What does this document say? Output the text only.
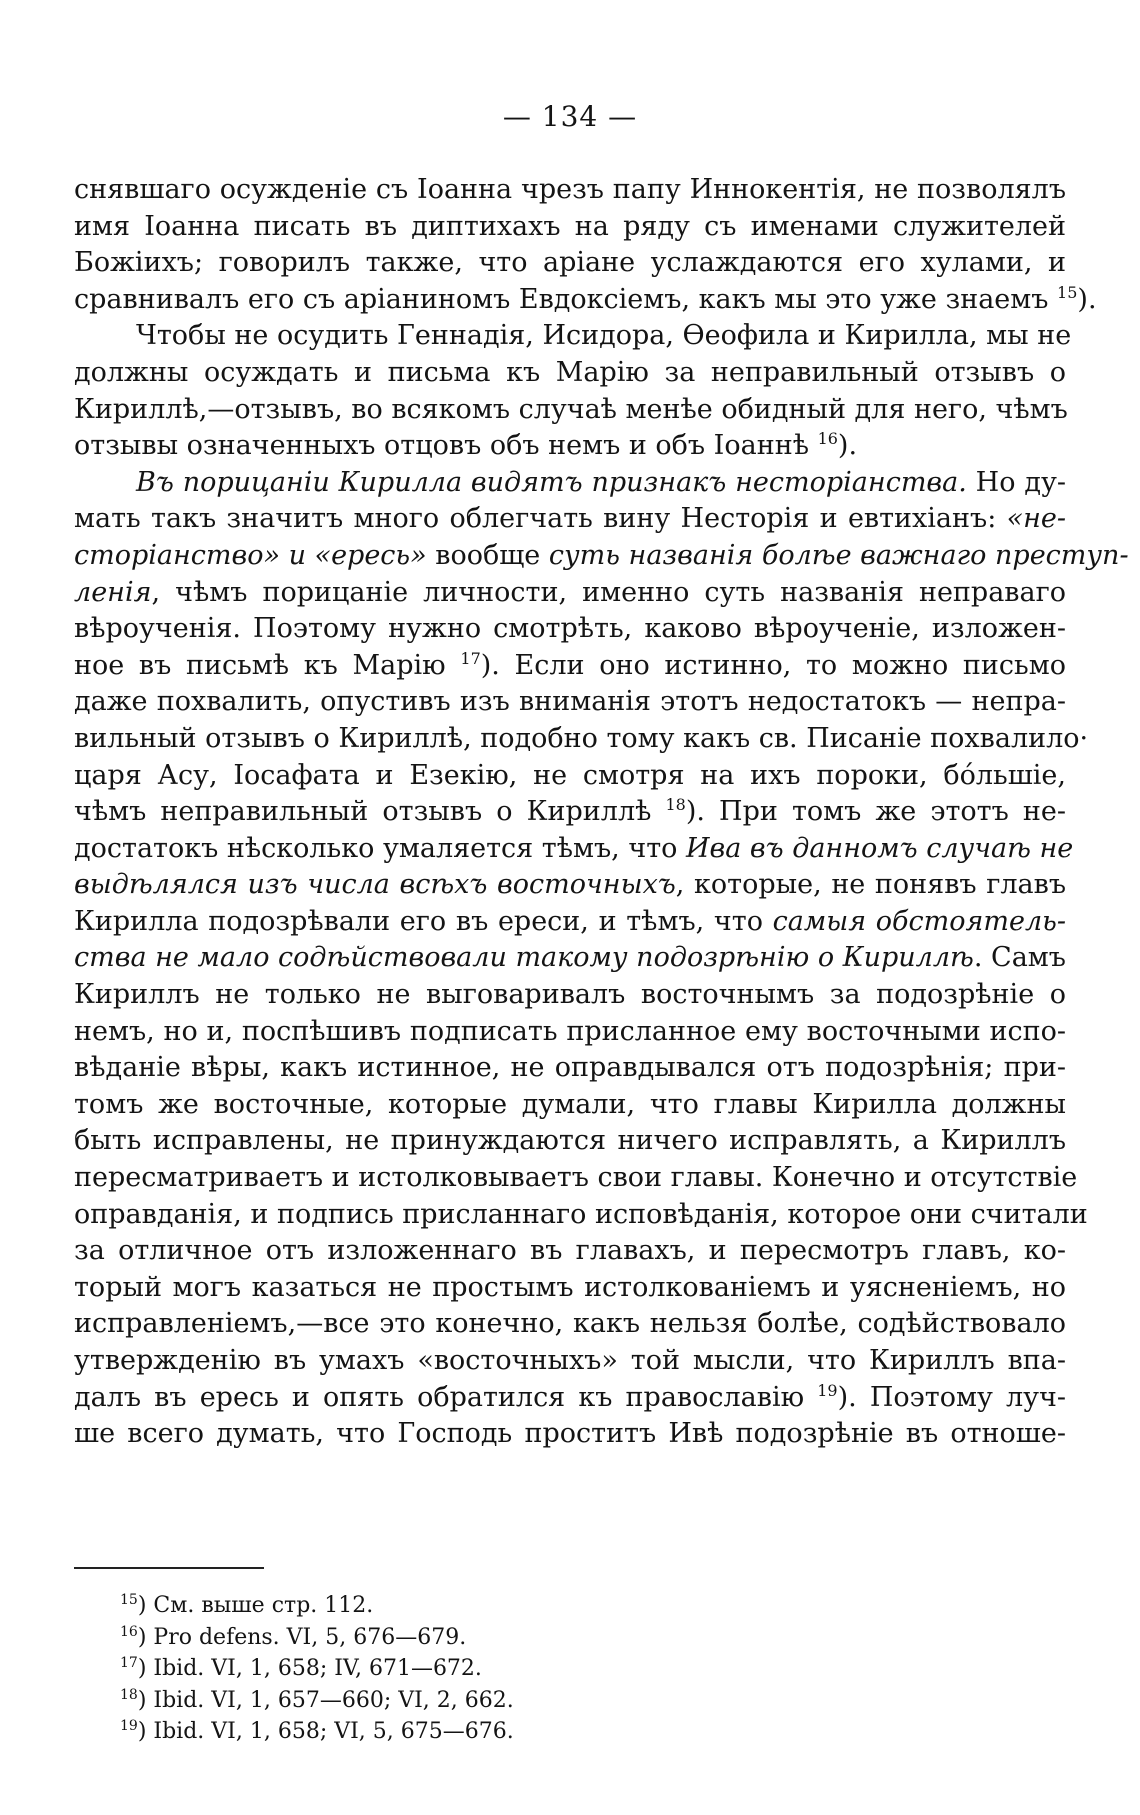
— 134 —
снявшаго осужденіе съ Іоанна чрезъ папу Иннокентія, не позволялъ
имя Іоанна писать въ диптихахъ на ряду съ именами служителей
Божіихъ; говорилъ также, что аріане услаждаются его хулами, и
сравнивалъ его съ аріаниномъ Евдоксіемъ, какъ мы это уже знаемъ $^{15}$).
Чтобы не осудить Геннадія, Исидора, Ѳеофила и Кирилла, мы не
должны осуждать и письма къ Марію за неправильный отзывъ о
Кириллѣ,—отзывъ, во всякомъ случаѣ менѣе обидный для него, чѣмъ
отзывы означенныхъ отцовъ объ немъ и объ Іоаннѣ $^{16}$).
Въ порицаніи Кирилла видятъ признакъ несторіанства. Но ду-
мать такъ значитъ много облегчать вину Несторія и евтихіанъ: «не-
сторіанство» и «ересь» вообще суть названія болѣе важнаго преступ-
ленія, чѣмъ порицаніе личности, именно суть названія неправаго
вѣроученія. Поэтому нужно смотрѣть, каково вѣроученіе, изложен-
ное въ письмѣ къ Марію $^{17}$). Если оно истинно, то можно письмо
даже похвалить, опустивъ изъ вниманія этотъ недостатокъ — непра-
вильный отзывъ о Кириллѣ, подобно тому какъ св. Писаніе похвалило·
царя Асу, Іосафата и Езекію, не смотря на ихъ пороки, бóльшіе,
чѣмъ неправильный отзывъ о Кириллѣ $^{18}$). При томъ же этотъ не-
достатокъ нѣсколько умаляется тѣмъ, что Ива въ данномъ случаѣ не
выдѣлялся изъ числа всѣхъ восточныхъ, которые, не понявъ главъ
Кирилла подозрѣвали его въ ереси, и тѣмъ, что самыя обстоятель-
ства не мало содѣйствовали такому подозрѣнію о Кириллѣ. Самъ
Кириллъ не только не выговаривалъ восточнымъ за подозрѣніе о
немъ, но и, поспѣшивъ подписать присланное ему восточными испо-
вѣданіе вѣры, какъ истинное, не оправдывался отъ подозрѣнія; при-
томъ же восточные, которые думали, что главы Кирилла должны
быть исправлены, не принуждаются ничего исправлять, а Кириллъ
пересматриваетъ и истолковываетъ свои главы. Конечно и отсутствіе
оправданія, и подпись присланнаго исповѣданія, которое они считали
за отличное отъ изложеннаго въ главахъ, и пересмотръ главъ, ко-
торый могъ казаться не простымъ истолкованіемъ и уясненіемъ, но
исправленіемъ,—все это конечно, какъ нельзя болѣе, содѣйствовало
утвержденію въ умахъ «восточныхъ» той мысли, что Кириллъ впа-
далъ въ ересь и опять обратился къ православію $^{19}$). Поэтому луч-
ше всего думать, что Господь проститъ Ивѣ подозрѣніе въ отноше-
$^{15}$) См. выше стр. 112.
$^{16}$) Pro defens. VI, 5, 676—679.
$^{17}$) Ibid. VI, 1, 658; IV, 671—672.
$^{18}$) Ibid. VI, 1, 657—660; VI, 2, 662.
$^{19}$) Ibid. VI, 1, 658; VI, 5, 675—676.
